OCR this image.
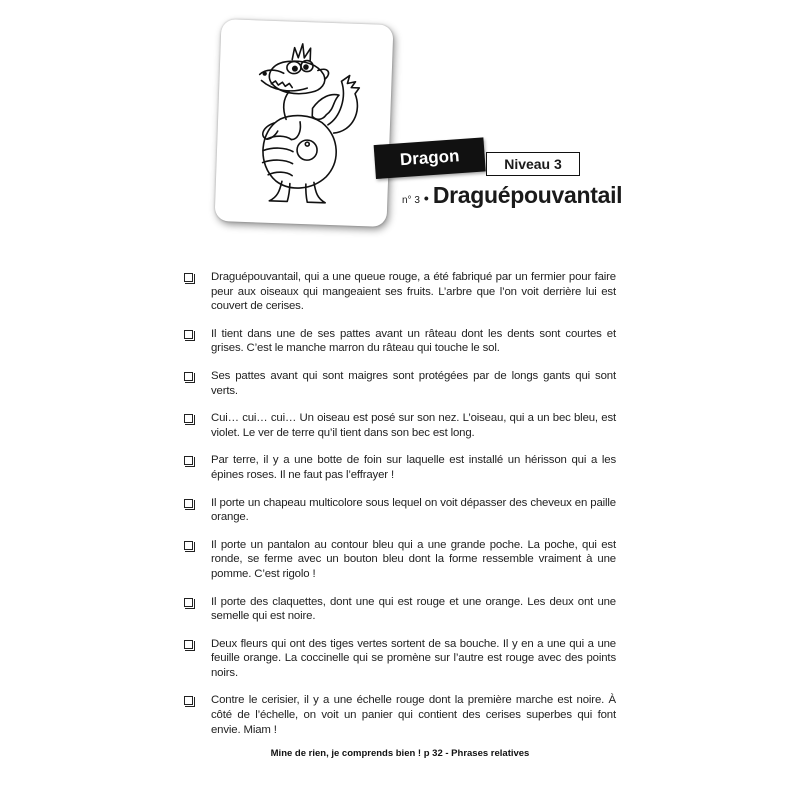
Dragon	Niveau 3
n° 3 • Draguépouvantail
Draguépouvantail, qui a une queue rouge, a été fabriqué par un fermier pour faire peur aux oiseaux qui mangeaient ses fruits. L’arbre que l’on voit derrière lui est couvert de cerises.
Il tient dans une de ses pattes avant un râteau dont les dents sont courtes et grises. C’est le manche marron du râteau qui touche le sol.
Ses pattes avant qui sont maigres sont protégées par de longs gants qui sont verts.
Cui… cui… cui… Un oiseau est posé sur son nez. L’oiseau, qui a un bec bleu, est violet. Le ver de terre qu’il tient dans son bec est long.
Par terre, il y a une botte de foin sur laquelle est installé un hérisson qui a les épines roses. Il ne faut pas l’effrayer !
Il porte un chapeau multicolore sous lequel on voit dépasser des cheveux en paille orange.
Il porte un pantalon au contour bleu qui a une grande poche. La poche, qui est ronde, se ferme avec un bouton bleu dont la forme ressemble vraiment à une pomme. C’est rigolo !
Il porte des claquettes, dont une qui est rouge et une orange. Les deux ont une semelle qui est noire.
Deux fleurs qui ont des tiges vertes sortent de sa bouche. Il y en a une qui a une feuille orange. La coccinelle qui se promène sur l’autre est rouge avec des points noirs.
Contre le cerisier, il y a une échelle rouge dont la première marche est noire. À côté de l’échelle, on voit un panier qui contient des cerises superbes qui font envie. Miam !
Mine de rien, je comprends bien ! p 32 - Phrases relatives
